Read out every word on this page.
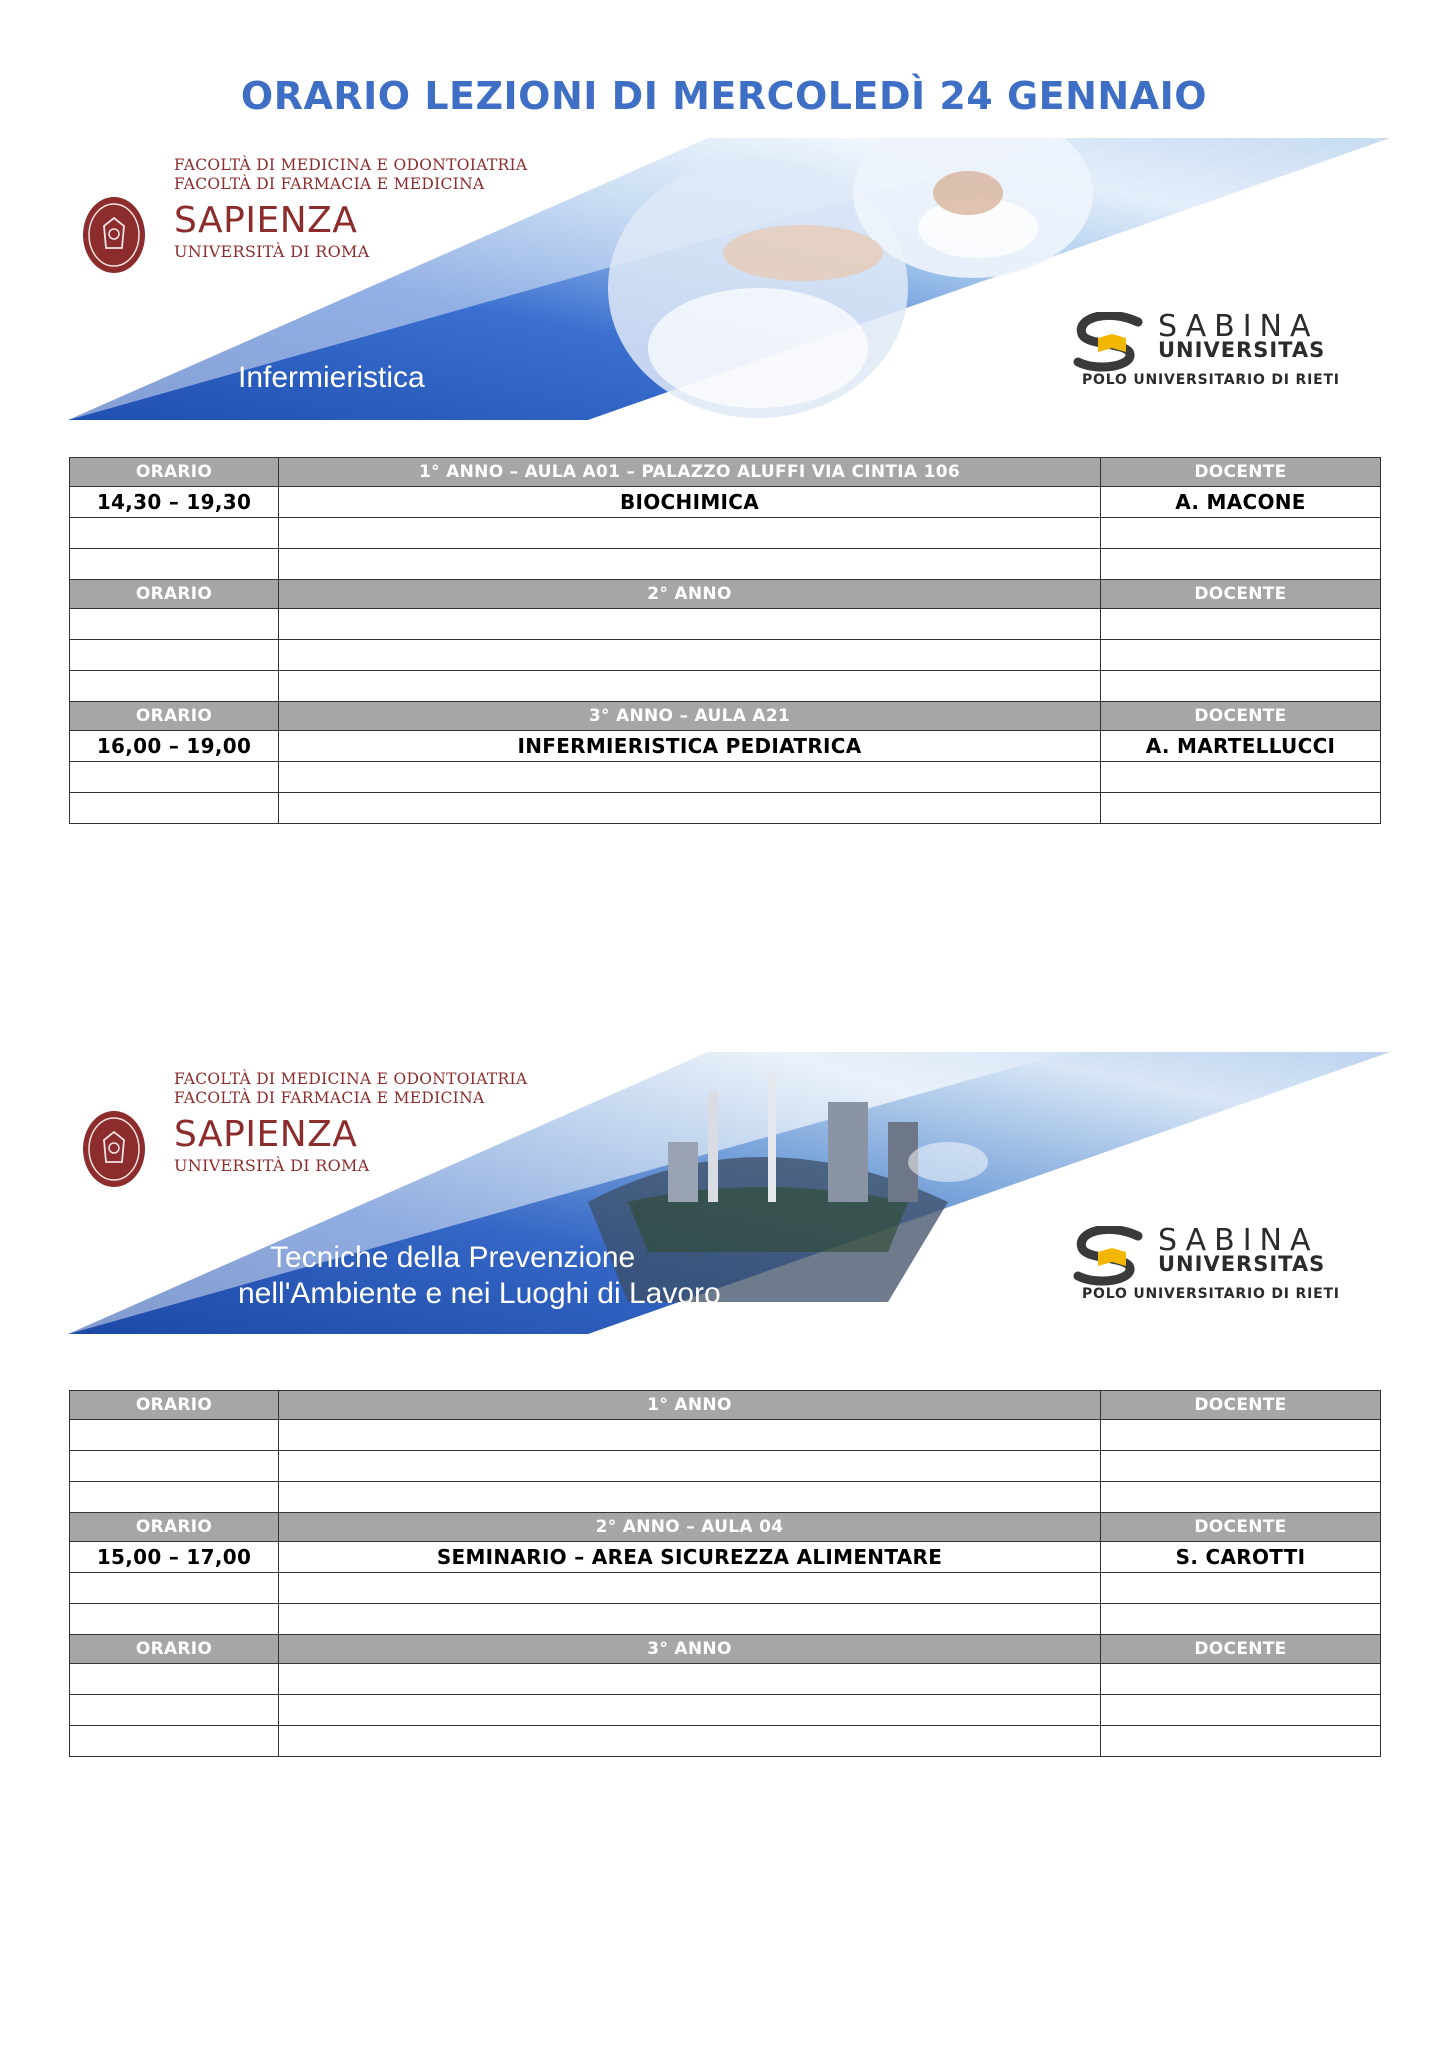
ORARIO LEZIONI DI MERCOLEDÌ 24 GENNAIO
FACOLTÀ DI MEDICINA E ODONTOIATRIA
FACOLTÀ DI FARMACIA E MEDICINA
SAPIENZA
UNIVERSITÀ DI ROMA
Infermieristica
SABINA
UNIVERSITAS
POLO UNIVERSITARIO DI RIETI
ORARIO	1° ANNO – AULA A01 – PALAZZO ALUFFI VIA CINTIA 106	DOCENTE
14,30 – 19,30	BIOCHIMICA	A. MACONE

ORARIO	2° ANNO	DOCENTE

ORARIO	3° ANNO – AULA A21	DOCENTE
16,00 – 19,00	INFERMIERISTICA PEDIATRICA	A. MARTELLUCCI

FACOLTÀ DI MEDICINA E ODONTOIATRIA
FACOLTÀ DI FARMACIA E MEDICINA
SAPIENZA
UNIVERSITÀ DI ROMA
Tecniche della Prevenzione
nell'Ambiente e nei Luoghi di Lavoro
SABINA
UNIVERSITAS
POLO UNIVERSITARIO DI RIETI
ORARIO	1° ANNO	DOCENTE

ORARIO	2° ANNO – AULA 04	DOCENTE
15,00 – 17,00	SEMINARIO – AREA SICUREZZA ALIMENTARE	S. CAROTTI

ORARIO	3° ANNO	DOCENTE
